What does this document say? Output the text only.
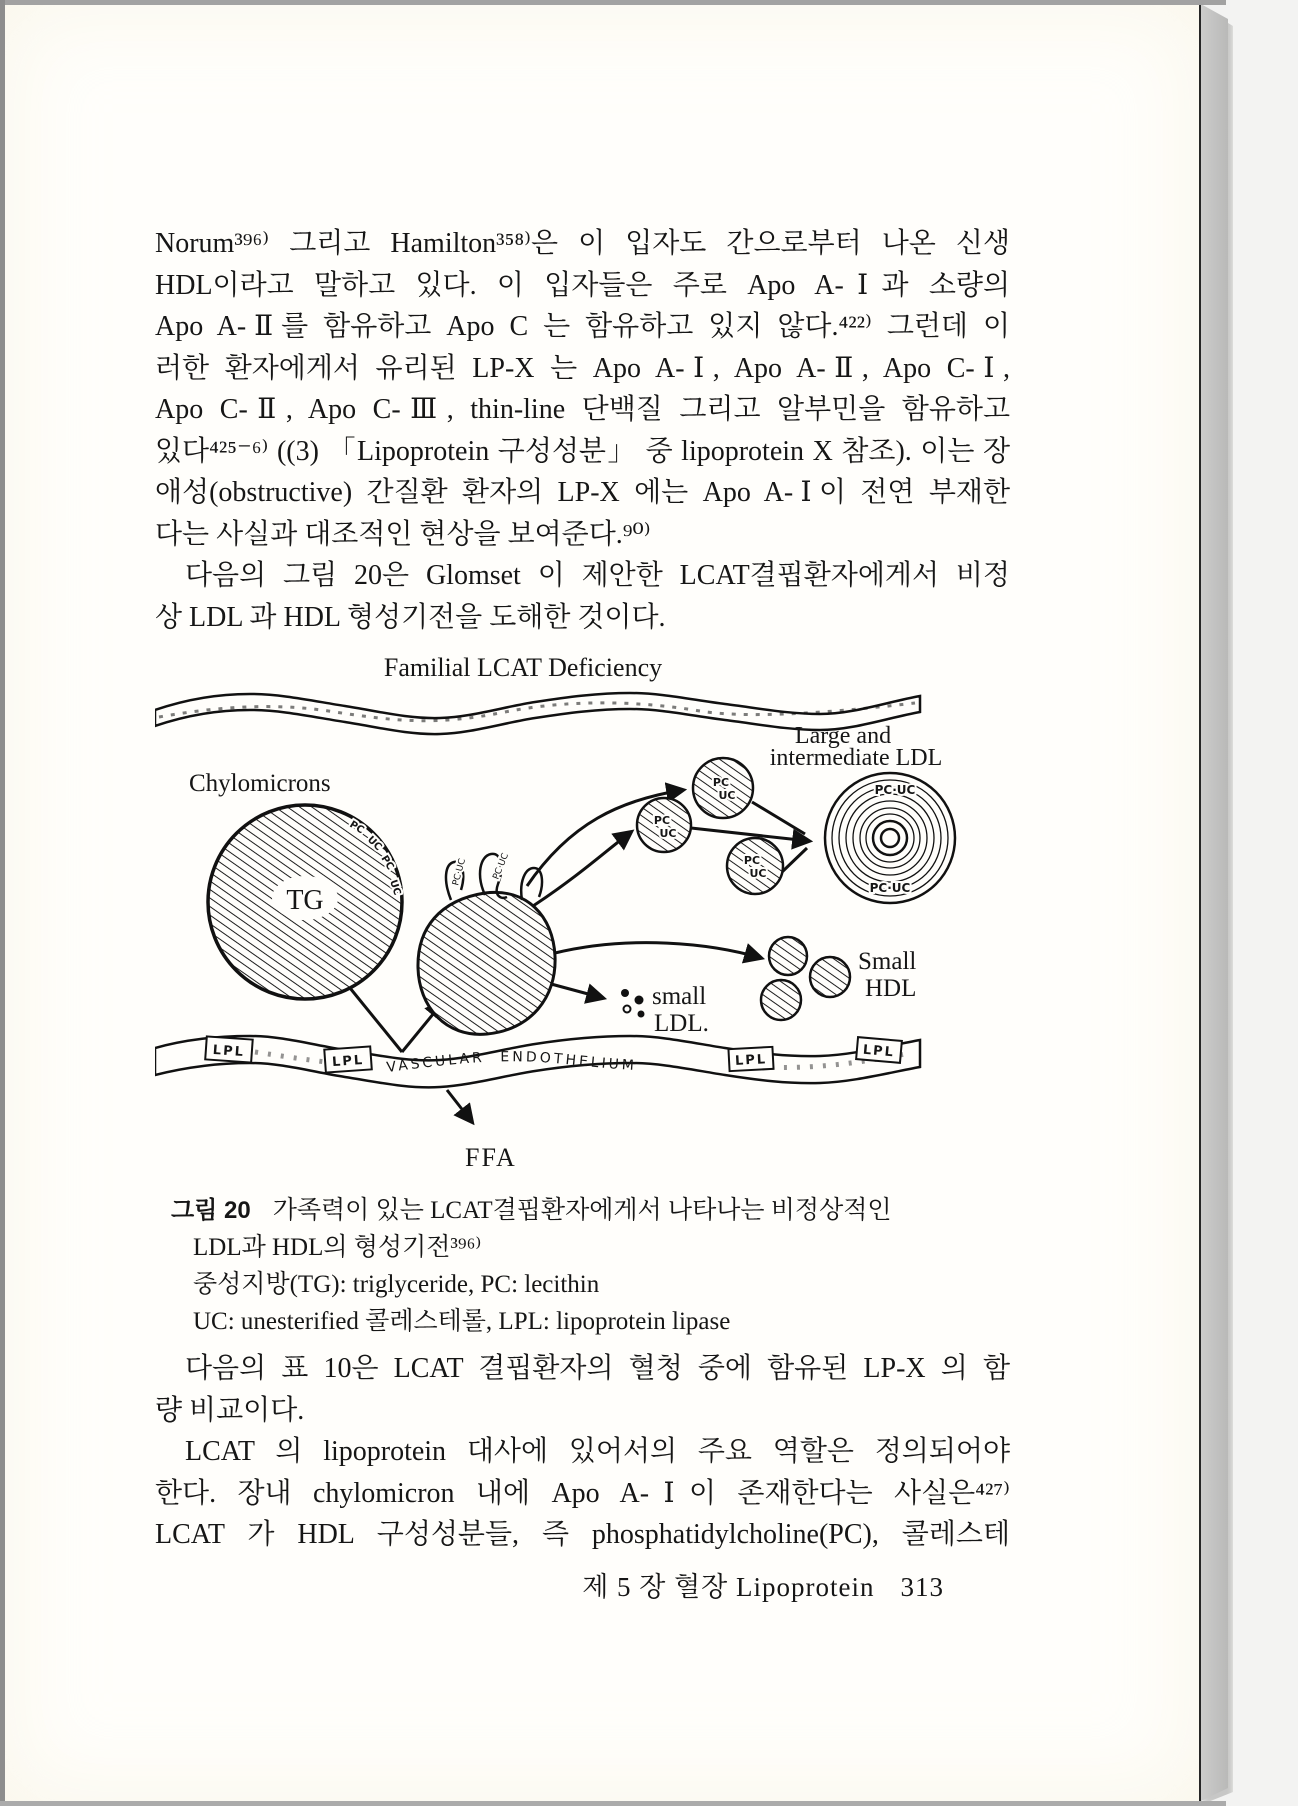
Norum³⁹⁶⁾ 그리고 Hamilton³⁵⁸⁾은 이 입자도 간으로부터 나온 신생
HDL이라고 말하고 있다. 이 입자들은 주로 Apo A-Ⅰ과 소량의
Apo A-Ⅱ를 함유하고 Apo C 는 함유하고 있지 않다.⁴²²⁾ 그런데 이
러한 환자에게서 유리된 LP-X 는 Apo A-Ⅰ, Apo A-Ⅱ, Apo C-Ⅰ,
Apo C-Ⅱ, Apo C-Ⅲ, thin-line 단백질 그리고 알부민을 함유하고
있다⁴²⁵⁻⁶⁾ ((3) 「Lipoprotein 구성성분」 중 lipoprotein X 참조). 이는 장
애성(obstructive) 간질환 환자의 LP-X 에는 Apo A-Ⅰ이 전연 부재한
다는 사실과 대조적인 현상을 보여준다.⁹⁰⁾
다음의 그림 20은 Glomset 이 제안한 LCAT결핍환자에게서 비정
상 LDL 과 HDL 형성기전을 도해한 것이다.
Familial LCAT Deficiency
Chylomicrons
TG
PC
UC
PC
UC
PC·UC	PC·UC
PC
UC
PC
UC
PC
UC
Large and
intermediate LDL
PC·UC
PC·UC
small
LDL.
Small
HDL
VASCULAR ENDOTHELIUM
LPL
LPL	LPL
LPL
FFA
그림 20 가족력이 있는 LCAT결핍환자에게서 나타나는 비정상적인
LDL과 HDL의 형성기전³⁹⁶⁾
중성지방(TG): triglyceride, PC: lecithin
UC: unesterified 콜레스테롤, LPL: lipoprotein lipase
다음의 표 10은 LCAT 결핍환자의 혈청 중에 함유된 LP-X 의 함
량 비교이다.
LCAT 의 lipoprotein 대사에 있어서의 주요 역할은 정의되어야
한다. 장내 chylomicron 내에 Apo A-Ⅰ이 존재한다는 사실은⁴²⁷⁾
LCAT 가 HDL 구성성분들, 즉 phosphatidylcholine(PC), 콜레스테
제 5 장 혈장 Lipoprotein 313
